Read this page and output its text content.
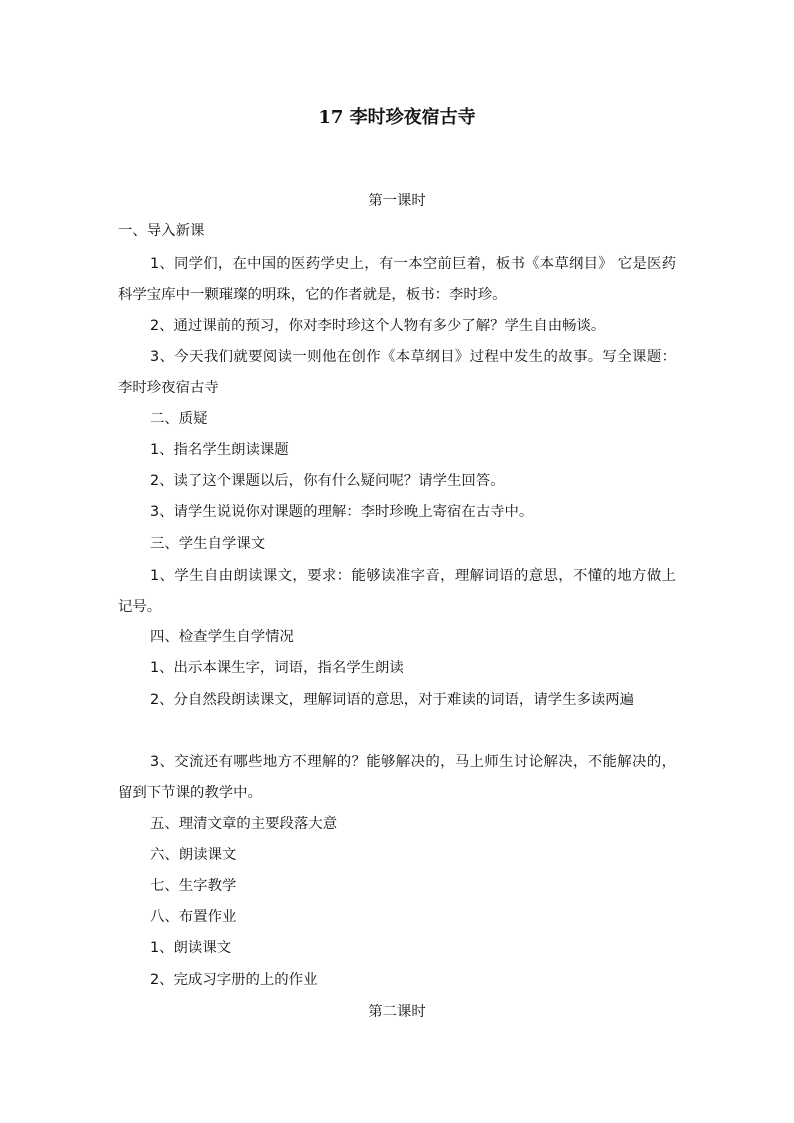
17 李时珍夜宿古寺
第一课时
一、导入新课
1、同学们，在中国的医药学史上，有一本空前巨着，板书《本草纲目》 它是医药科学宝库中一颗璀璨的明珠，它的作者就是，板书：李时珍。
2、通过课前的预习，你对李时珍这个人物有多少了解？学生自由畅谈。
3、今天我们就要阅读一则他在创作《本草纲目》过程中发生的故事。写全课题：李时珍夜宿古寺
二、质疑
1、指名学生朗读课题
2、读了这个课题以后，你有什么疑问呢？请学生回答。
3、请学生说说你对课题的理解：李时珍晚上寄宿在古寺中。
三、学生自学课文
1、学生自由朗读课文，要求：能够读准字音，理解词语的意思，不懂的地方做上记号。
四、检查学生自学情况
1、出示本课生字，词语，指名学生朗读
2、分自然段朗读课文，理解词语的意思，对于难读的词语，请学生多读两遍
3、交流还有哪些地方不理解的？能够解决的，马上师生讨论解决，不能解决的，留到下节课的教学中。
五、理清文章的主要段落大意
六、朗读课文
七、生字教学
八、布置作业
1、朗读课文
2、完成习字册的上的作业
第二课时
